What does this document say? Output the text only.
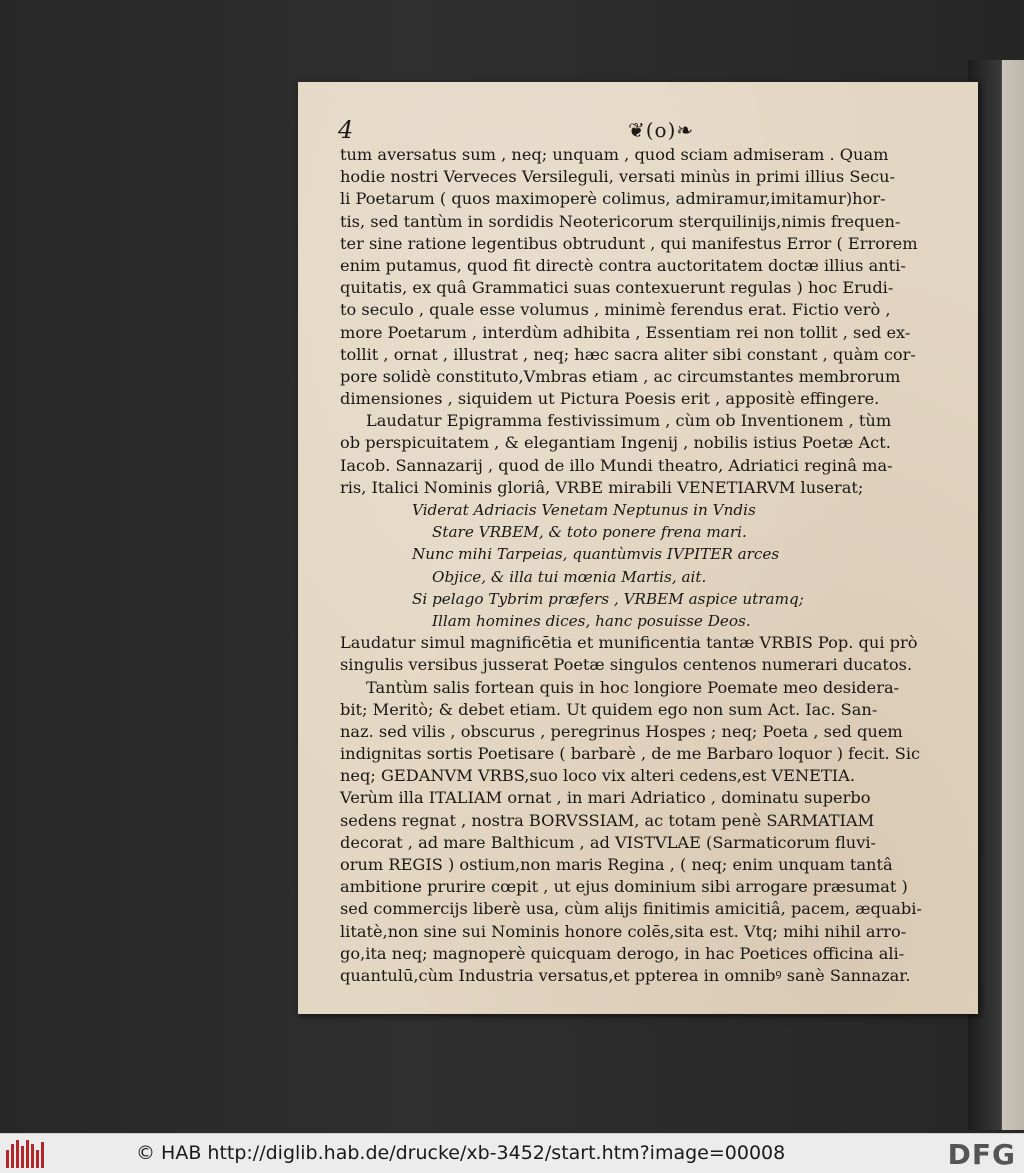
4	❦(o)❧
tum aversatus sum , neq; unquam , quod sciam admiseram . Quam
hodie nostri Verveces Versileguli, versati minùs in primi illius Secu-
li Poetarum ( quos maximoperè colimus, admiramur,imitamur)hor-
tis, sed tantùm in sordidis Neotericorum sterquilinijs,nimis frequen-
ter sine ratione legentibus obtrudunt , qui manifestus Error ( Errorem
enim putamus, quod fit directè contra auctoritatem doctæ illius anti-
quitatis, ex quâ Grammatici suas contexuerunt regulas ) hoc Erudi-
to seculo , quale esse volumus , minimè ferendus erat. Fictio verò ,
more Poetarum , interdùm adhibita , Essentiam rei non tollit , sed ex-
tollit , ornat , illustrat , neq; hæc sacra aliter sibi constant , quàm cor-
pore solidè constituto,Vmbras etiam , ac circumstantes membrorum
dimensiones , siquidem ut Pictura Poesis erit , appositè effingere.
Laudatur Epigramma festivissimum , cùm ob Inventionem , tùm
ob perspicuitatem , & elegantiam Ingenij , nobilis istius Poetæ Act.
Iacob. Sannazarij , quod de illo Mundi theatro, Adriatici reginâ ma-
ris, Italici Nominis gloriâ, VRBE mirabili VENETIARVM luserat;
Viderat Adriacis Venetam Neptunus in Vndis
Stare VRBEM, & toto ponere frena mari.
Nunc mihi Tarpeias, quantùmvis IVPITER arces
Objice, & illa tui mœnia Martis, ait.
Si pelago Tybrim præfers , VRBEM aspice utramq;
Illam homines dices, hanc posuisse Deos.
Laudatur simul magnificētia et munificentia tantæ VRBIS Pop. qui prò
singulis versibus jusserat Poetæ singulos centenos numerari ducatos.
Tantùm salis fortean quis in hoc longiore Poemate meo desidera-
bit; Meritò; & debet etiam. Ut quidem ego non sum Act. Iac. San-
naz. sed vilis , obscurus , peregrinus Hospes ; neq; Poeta , sed quem
indignitas sortis Poetisare ( barbarè , de me Barbaro loquor ) fecit. Sic
neq; GEDANVM VRBS,suo loco vix alteri cedens,est VENETIA.
Verùm illa ITALIAM ornat , in mari Adriatico , dominatu superbo
sedens regnat , nostra BORVSSIAM, ac totam penè SARMATIAM
decorat , ad mare Balthicum , ad VISTVLAE (Sarmaticorum fluvi-
orum REGIS ) ostium,non maris Regina , ( neq; enim unquam tantâ
ambitione prurire cœpit , ut ejus dominium sibi arrogare præsumat )
sed commercijs liberè usa, cùm alijs finitimis amicitiâ, pacem, æquabi-
litatè,non sine sui Nominis honore colēs,sita est. Vtq; mihi nihil arro-
go,ita neq; magnoperè quicquam derogo, in hac Poetices officina ali-
quantulū,cùm Industria versatus,et ppterea in omnibꝰ sanè Sannazar.
© HAB http://diglib.hab.de/drucke/xb-3452/start.htm?image=00008	DFG
